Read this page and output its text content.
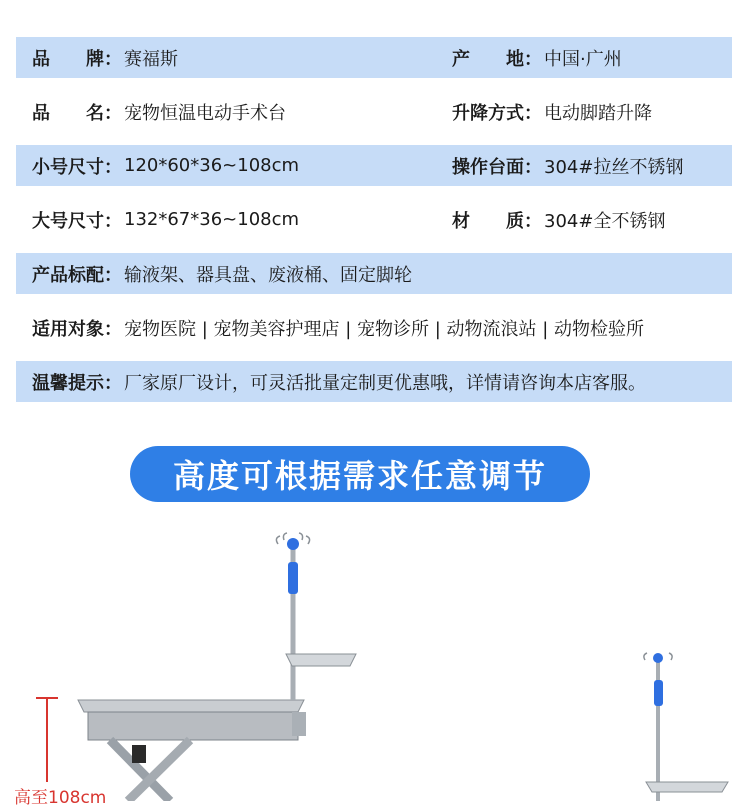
品　　牌： 赛福斯	产　　地： 中国·广州
品　　名： 宠物恒温电动手术台	升降方式： 电动脚踏升降
小号尺寸： 120*60*36~108cm	操作台面： 304#拉丝不锈钢
大号尺寸： 132*67*36~108cm	材　　质： 304#全不锈钢
产品标配： 输液架、器具盘、废液桶、固定脚轮
适用对象： 宠物医院 | 宠物美容护理店 | 宠物诊所 | 动物流浪站 | 动物检验所
温馨提示： 厂家原厂设计，可灵活批量定制更优惠哦，详情请咨询本店客服。
高度可根据需求任意调节
高至108cm
